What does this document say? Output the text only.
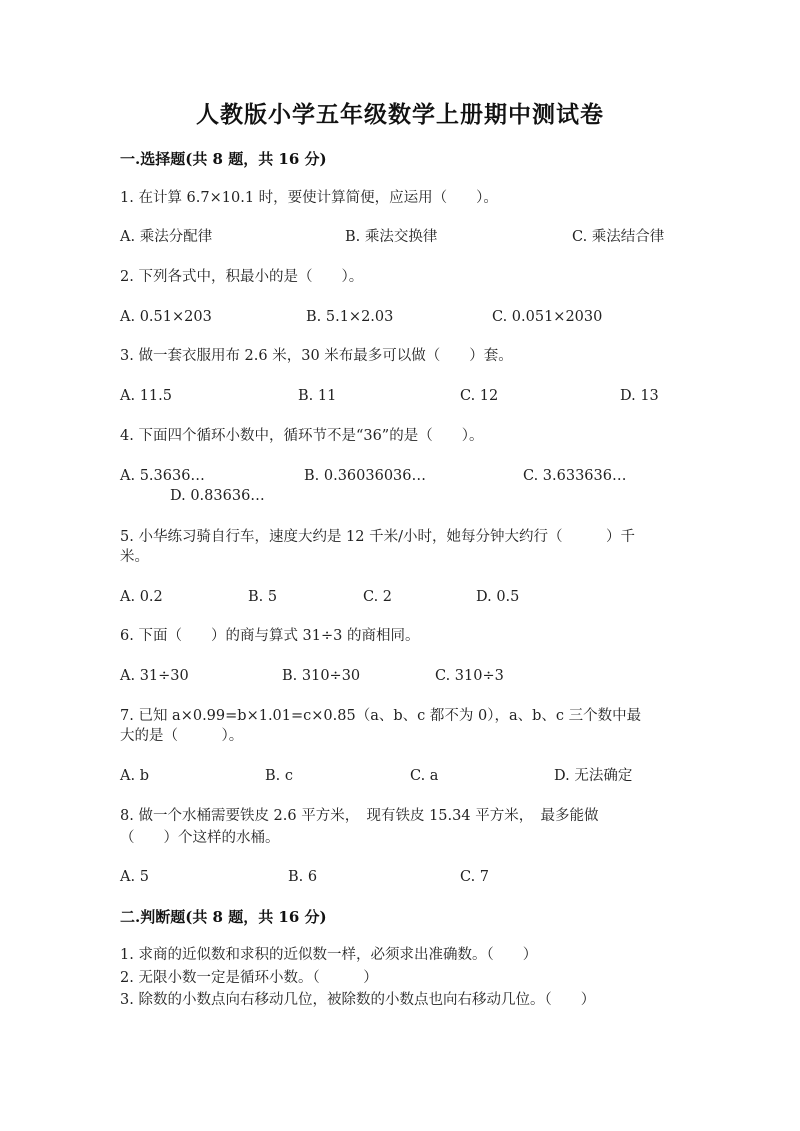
人教版小学五年级数学上册期中测试卷
一.选择题(共 8 题，共 16 分)
1. 在计算 6.7×10.1 时，要使计算简便，应运用（　　）。
A. 乘法分配律	B. 乘法交换律	C. 乘法结合律
2. 下列各式中，积最小的是（　　）。
A. 0.51×203	B. 5.1×2.03	C. 0.051×2030
3. 做一套衣服用布 2.6 米，30 米布最多可以做（　　）套。
A. 11.5	B. 11	C. 12	D. 13
4. 下面四个循环小数中，循环节不是“36”的是（　　）。
A. 5.3636…	B. 0.36036036…	C. 3.633636…
D. 0.83636…
5. 小华练习骑自行车，速度大约是 12 千米/小时，她每分钟大约行（　　　）千
米。
A. 0.2	B. 5	C. 2	D. 0.5
6. 下面（　　）的商与算式 31÷3 的商相同。
A. 31÷30	B. 310÷30	C. 310÷3
7. 已知 a×0.99=b×1.01=c×0.85（a、b、c 都不为 0），a、b、c 三个数中最
大的是（　　　）。
A. b	B. c	C. a	D. 无法确定
8. 做一个水桶需要铁皮 2.6 平方米，　现有铁皮 15.34 平方米，　最多能做
（　　）个这样的水桶。
A. 5	B. 6	C. 7
二.判断题(共 8 题，共 16 分)
1. 求商的近似数和求积的近似数一样，必须求出准确数。（　　）
2. 无限小数一定是循环小数。（　　　）
3. 除数的小数点向右移动几位，被除数的小数点也向右移动几位。（　　）
